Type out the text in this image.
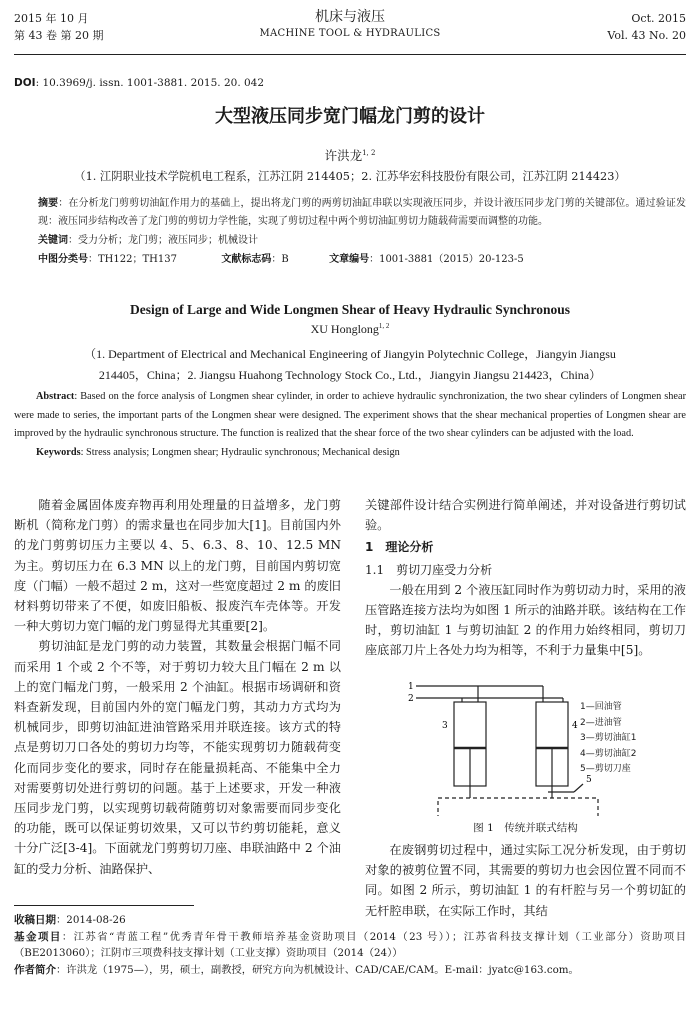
2015 年 10 月
第 43 卷 第 20 期
机床与液压
MACHINE TOOL & HYDRAULICS
Oct. 2015
Vol. 43 No. 20
DOI: 10.3969/j. issn. 1001-3881. 2015. 20. 042
大型液压同步宽门幅龙门剪的设计
许洪龙$^{1, 2}$
（1. 江阴职业技术学院机电工程系，江苏江阴 214405；2. 江苏华宏科技股份有限公司，江苏江阴 214423）
摘要：在分析龙门剪剪切油缸作用力的基础上，提出将龙门剪的两剪切油缸串联以实现液压同步，并设计液压同步龙门剪的关键部位。通过验证发现：液压同步结构改善了龙门剪的剪切力学性能，实现了剪切过程中两个剪切油缸剪切力随载荷需要而调整的功能。
关键词：受力分析；龙门剪；液压同步；机械设计
中图分类号：TH122；TH137	文献标志码：B	文章编号：1001-3881（2015）20-123-5
Design of Large and Wide Longmen Shear of Heavy Hydraulic Synchronous
XU Honglong$^{1, 2}$
（1. Department of Electrical and Mechanical Engineering of Jiangyin Polytechnic College，Jiangyin Jiangsu
214405，China；2. Jiangsu Huahong Technology Stock Co., Ltd.，Jiangyin Jiangsu 214423，China）
Abstract: Based on the force analysis of Longmen shear cylinder, in order to achieve hydraulic synchronization, the two shear cylinders of Longmen shear were made to series, the important parts of the Longmen shear were designed. The experiment shows that the shear mechanical properties of Longmen shear are improved by the hydraulic synchronous structure. The function is realized that the shear force of the two shear cylinders can be adjusted with the load.
Keywords: Stress analysis; Longmen shear; Hydraulic synchronous; Mechanical design

随着金属固体废弃物再利用处理量的日益增多，龙门剪断机（简称龙门剪）的需求量也在同步加大[1]。目前国内外的龙门剪剪切压力主要以 4、5、6.3、8、10、12.5 MN 为主。剪切压力在 6.3 MN 以上的龙门剪，目前国内剪切宽度（门幅）一般不超过 2 m，这对一些宽度超过 2 m 的废旧材料剪切带来了不便，如废旧船板、报废汽车壳体等。开发一种大剪切力宽门幅的龙门剪显得尤其重要[2]。

剪切油缸是龙门剪的动力装置，其数量会根据门幅不同而采用 1 个或 2 个不等，对于剪切力较大且门幅在 2 m 以上的宽门幅龙门剪，一般采用 2 个油缸。根据市场调研和资料查新发现，目前国内外的宽门幅龙门剪，其动力方式均为机械同步，即剪切油缸进油管路采用并联连接。该方式的特点是剪切刀口各处的剪切力均等，不能实现剪切力随载荷变化而同步变化的要求，同时存在能量损耗高、不能集中全力对需要剪切处进行剪切的问题。基于上述要求，开发一种液压同步龙门剪，以实现剪切载荷随剪切对象需要而同步变化的功能，既可以保证剪切效果，又可以节约剪切能耗，意义十分广泛[3-4]。下面就龙门剪剪切刀座、串联油路中 2 个油缸的受力分析、油路保护、

关键部件设计结合实例进行简单阐述，并对设备进行剪切试验。
1　理论分析
1.1　剪切刀座受力分析

一般在用到 2 个液压缸同时作为剪切动力时，采用的液压管路连接方法均为如图 1 所示的油路并联。该结构在工作时，剪切油缸 1 与剪切油缸 2 的作用力始终相同，剪切刀座底部刀片上各处力均为相等，不利于力量集中[5]。

1
2
3	4
5
1—回油管
2—进油管
3—剪切油缸1
4—剪切油缸2
5—剪切刀座
图 1　传统并联式结构

在废钢剪切过程中，通过实际工况分析发现，由于剪切对象的被剪位置不同，其需要的剪切力也会因位置不同而不同。如图 2 所示，剪切油缸 1 的有杆腔与另一个剪切缸的无杆腔串联，在实际工作时，其结

收稿日期：2014-08-26
基金项目：江苏省“青蓝工程”优秀青年骨干教师培养基金资助项目（2014（23 号））；江苏省科技支撑计划（工业部分）资助项目（BE2013060）；江阴市三项费科技支撑计划（工业支撑）资助项目（2014（24））
作者简介：许洪龙（1975—），男，硕士，副教授，研究方向为机械设计、CAD/CAE/CAM。E-mail：jyatc@163.com。
